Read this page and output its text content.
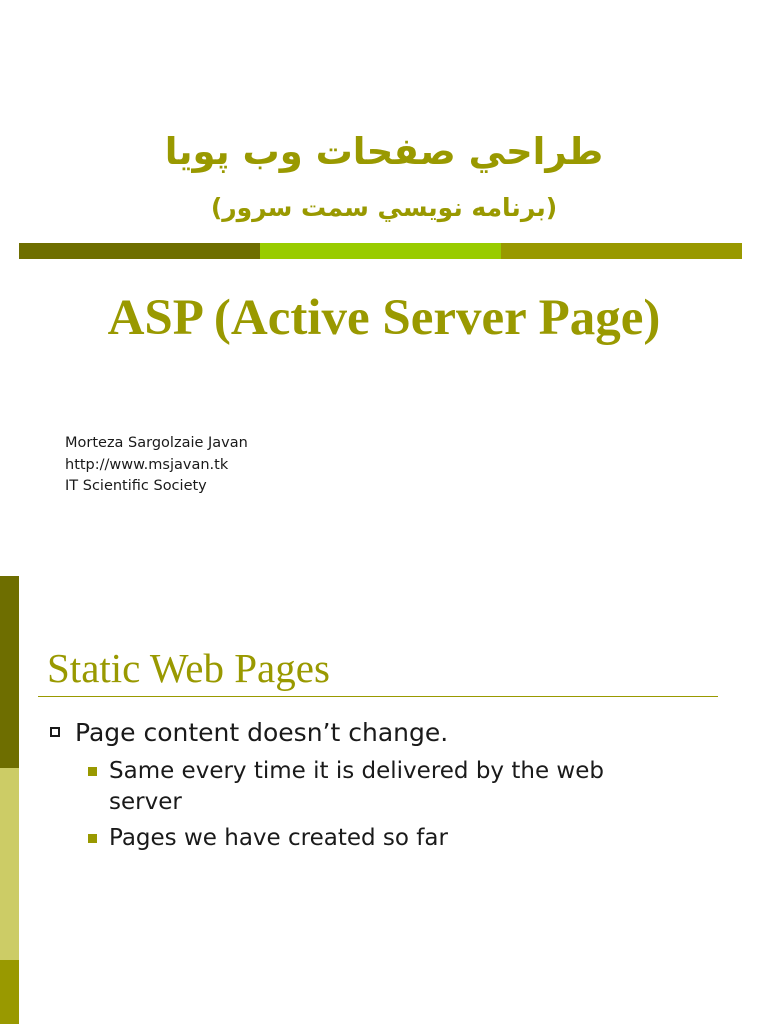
طراحي صفحات وب پويا
(برنامه نويسي سمت سرور)
ASP (Active Server Page)
Morteza Sargolzaie Javan
http://www.msjavan.tk
IT Scientific Society
Static Web Pages
Page content doesn’t change.
Same every time it is delivered by the web server
Pages we have created so far
